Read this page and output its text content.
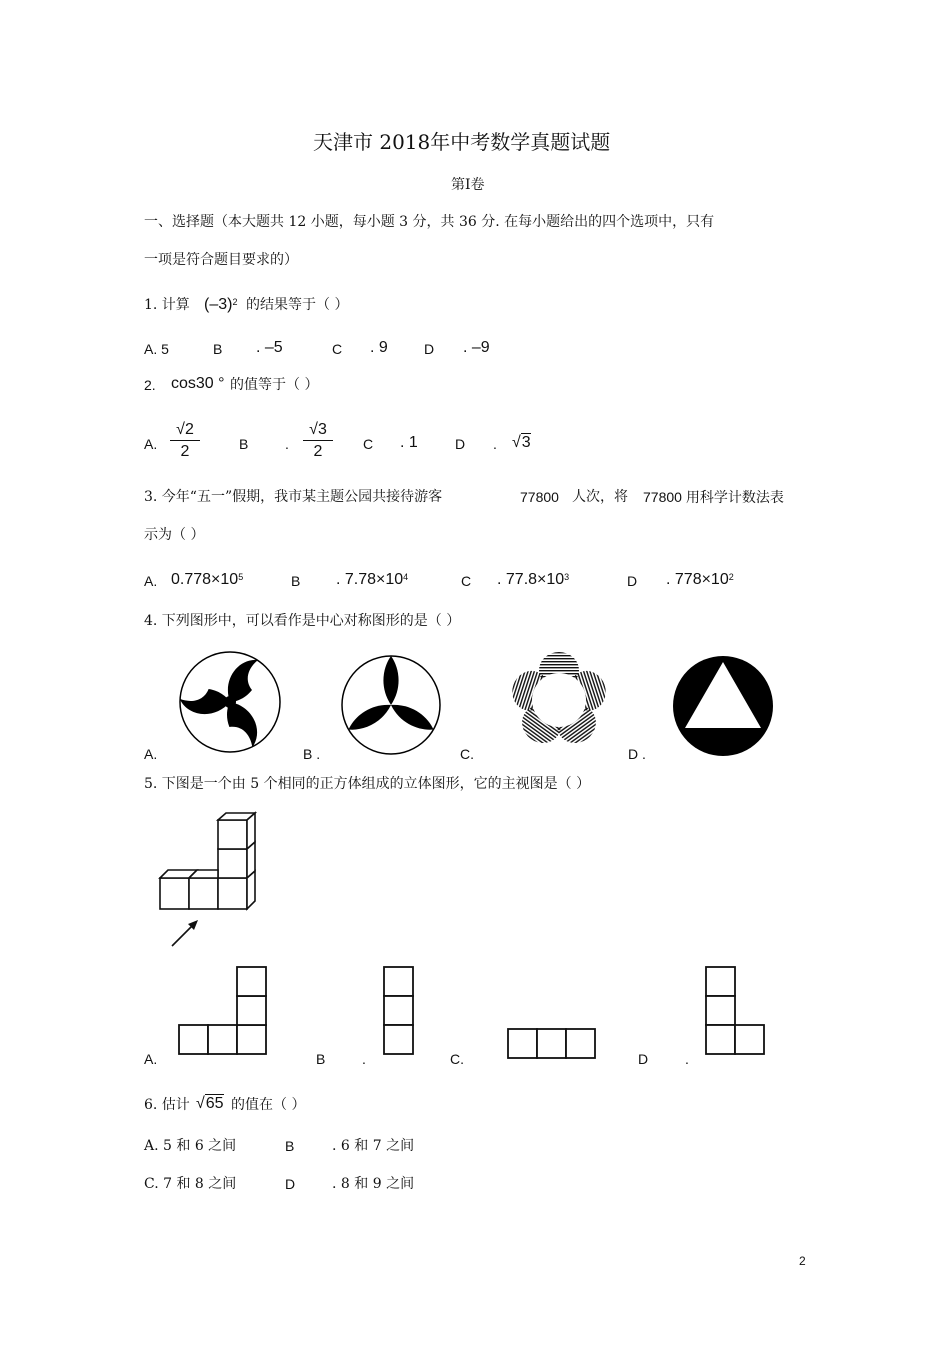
天津市 2018年中考数学真题试题
第Ⅰ卷
一、选择题（本大题共 12 小题，每小题 3 分，共 36 分. 在每小题给出的四个选项中，只有
一项是符合题目要求的）
1. 计算 $(-3)^2$ 的结果等于（ ）
A. 5	B . –5	C . 9	D . –9
2. cos30 ° 的值等于（ ）
A. $\frac{√2}{2}$	B	. $\frac{√3}{2}$ C . 1	D . √3
3. 今年“五一”假期，我市某主题公园共接待游客	77800 人次，将 77800 用科学计数法表
示为（ ）
A. $0.778\times 10^5$	B . $7.78\times 10^4$	C . $77.8\times 10^3$	D . $778\times 10^2$
4. 下列图形中，可以看作是中心对称图形的是（ ）
A.	B .	C.	D .
5. 下图是一个由 5 个相同的正方体组成的立体图形，它的主视图是（ ）
A.	B	.	C.	D	.
6. 估计 √65 的值在（ ）
A. 5 和 6 之间	B	. 6 和 7 之间
C. 7 和 8 之间	D	. 8 和 9 之间
2
